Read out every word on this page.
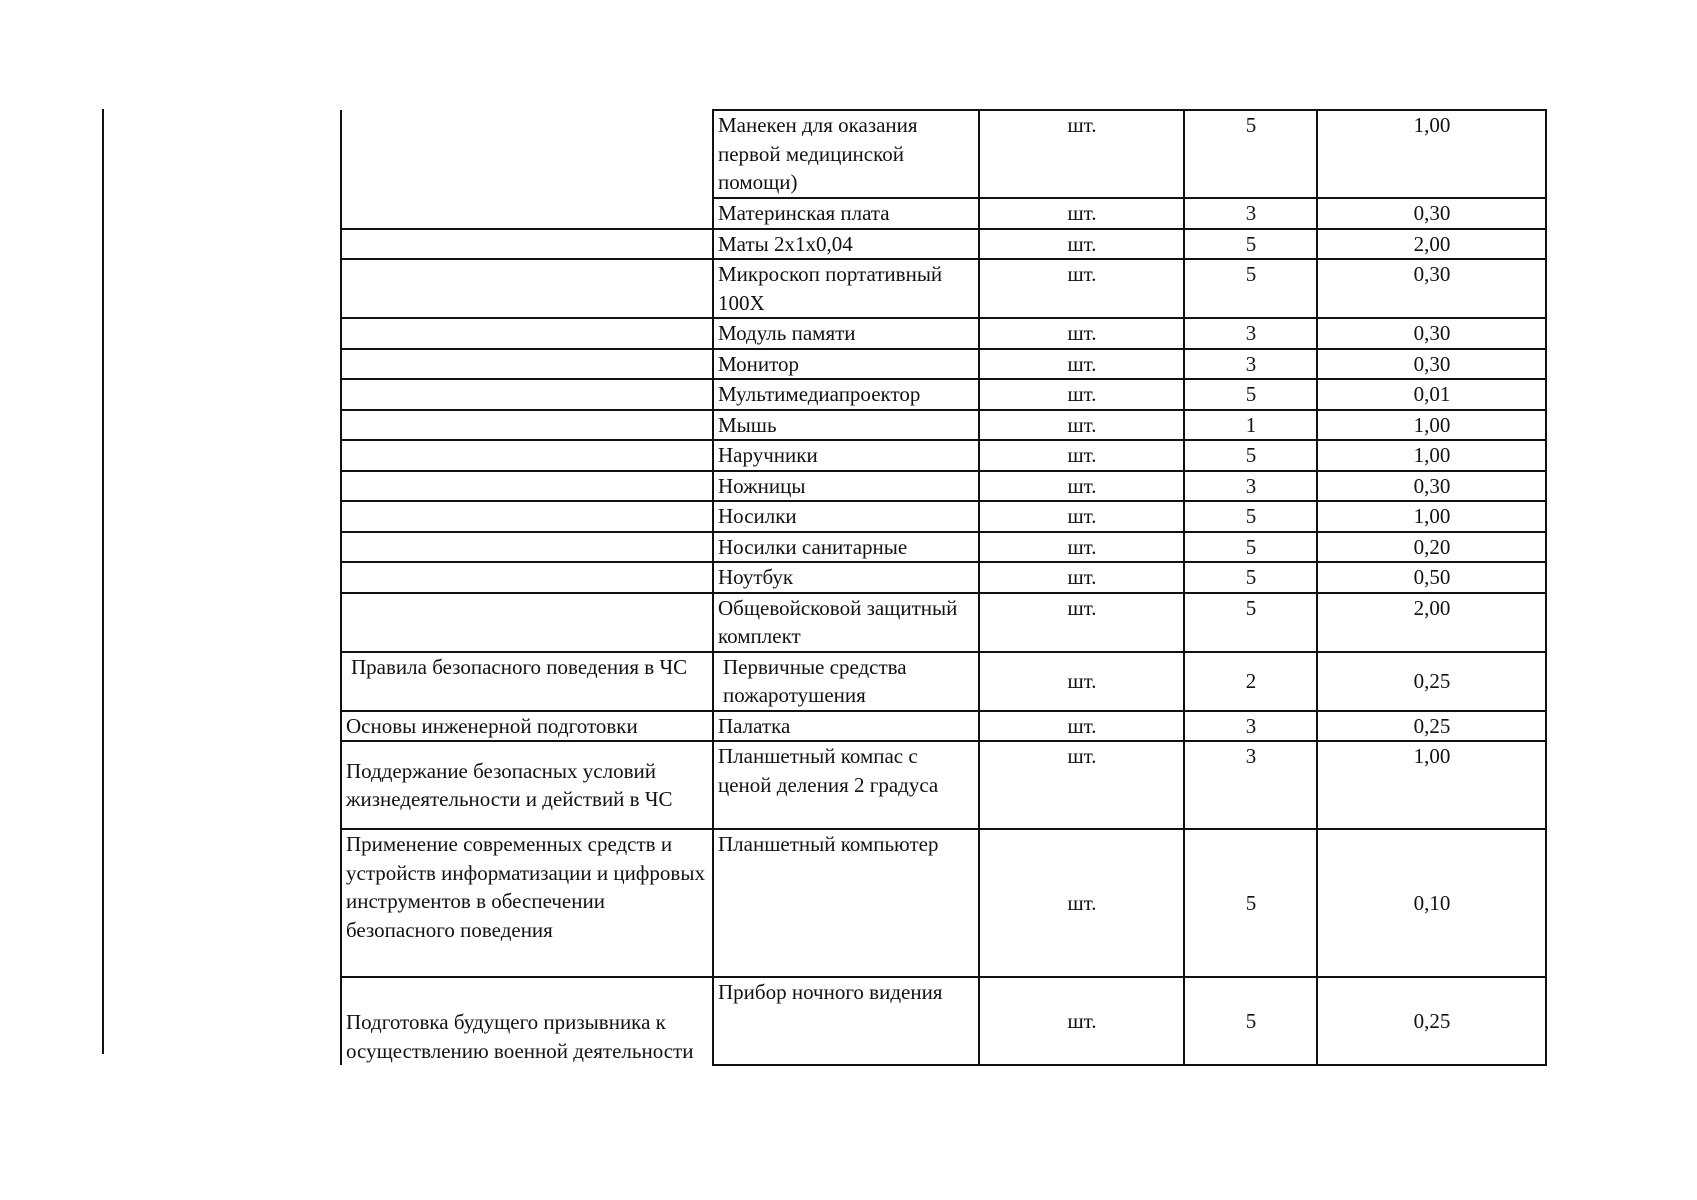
	Манекен для оказания первой медицинской помощи)	шт.	5	1,00
	Материнская плата	шт.	3	0,30
	Маты 2х1х0,04	шт.	5	2,00
	Микроскоп портативный 100Х	шт.	5	0,30
	Модуль памяти	шт.	3	0,30
	Монитор	шт.	3	0,30
	Мультимедиапроектор	шт.	5	0,01
	Мышь	шт.	1	1,00
	Наручники	шт.	5	1,00
	Ножницы	шт.	3	0,30
	Носилки	шт.	5	1,00
	Носилки санитарные	шт.	5	0,20
	Ноутбук	шт.	5	0,50
	Общевойсковой защитный комплект	шт.	5	2,00
Правила безопасного поведения в ЧС	Первичные средства пожаротушения	шт.	2	0,25
Основы инженерной подготовки	Палатка	шт.	3	0,25
Поддержание безопасных условий жизнедеятельности и действий в ЧС	Планшетный компас с ценой деления 2 градуса	шт.	3	1,00
Применение современных средств и устройств информатизации и цифровых инструментов в обеспечении безопасного поведения	Планшетный компьютер	шт.	5	0,10
Подготовка будущего призывника к осуществлению военной деятельности	Прибор ночного видения	шт.	5	0,25
